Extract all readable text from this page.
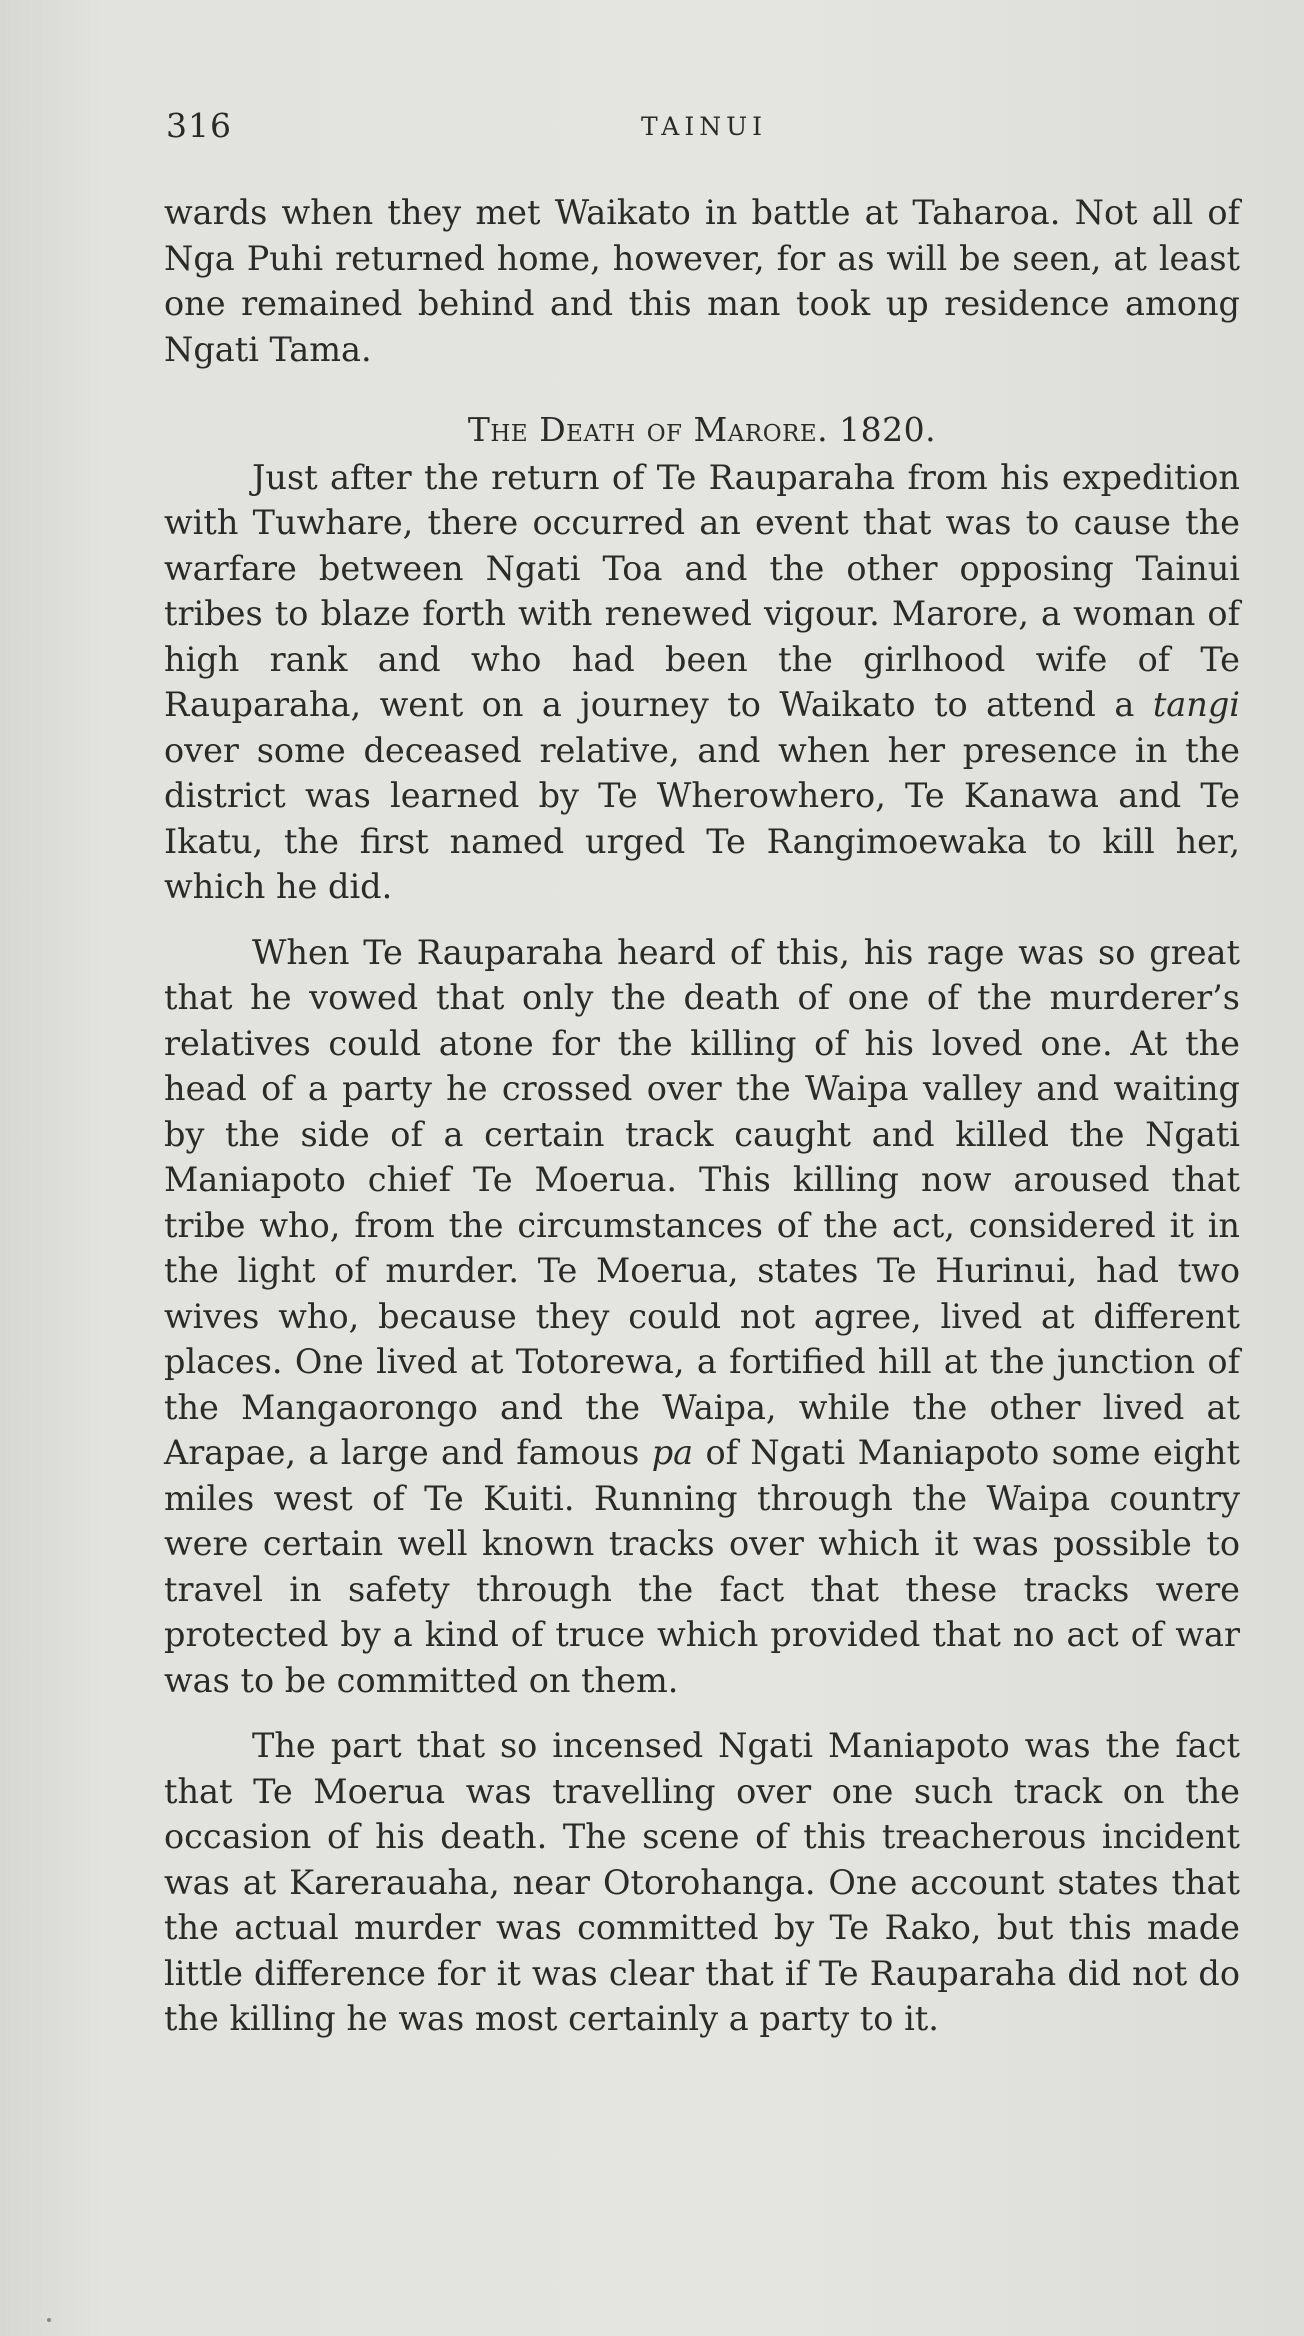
316	TAINUI

wards when they met Waikato in battle at Taharoa. Not all of Nga Puhi returned home, however, for as will be seen, at least one remained behind and this man took up residence among Ngati Tama.

The Death of Marore. 1820.

Just after the return of Te Rauparaha from his expedition with Tuwhare, there occurred an event that was to cause the warfare between Ngati Toa and the other opposing Tainui tribes to blaze forth with renewed vigour. Marore, a woman of high rank and who had been the girlhood wife of Te Rauparaha, went on a journey to Waikato to attend a tangi over some deceased relative, and when her presence in the district was learned by Te Wherowhero, Te Kanawa and Te Ikatu, the first named urged Te Rangimoewaka to kill her, which he did.

When Te Rauparaha heard of this, his rage was so great that he vowed that only the death of one of the murderer’s relatives could atone for the killing of his loved one. At the head of a party he crossed over the Waipa valley and waiting by the side of a certain track caught and killed the Ngati Maniapoto chief Te Moerua. This killing now aroused that tribe who, from the circumstances of the act, considered it in the light of murder. Te Moerua, states Te Hurinui, had two wives who, because they could not agree, lived at different places. One lived at Totorewa, a fortified hill at the junction of the Mangaorongo and the Waipa, while the other lived at Arapae, a large and famous pa of Ngati Maniapoto some eight miles west of Te Kuiti. Running through the Waipa country were certain well known tracks over which it was possible to travel in safety through the fact that these tracks were protected by a kind of truce which provided that no act of war was to be committed on them.

The part that so incensed Ngati Maniapoto was the fact that Te Moerua was travelling over one such track on the occasion of his death. The scene of this treacherous incident was at Karerauaha, near Otorohanga. One account states that the actual murder was committed by Te Rako, but this made little difference for it was clear that if Te Rauparaha did not do the killing he was most certainly a party to it.
